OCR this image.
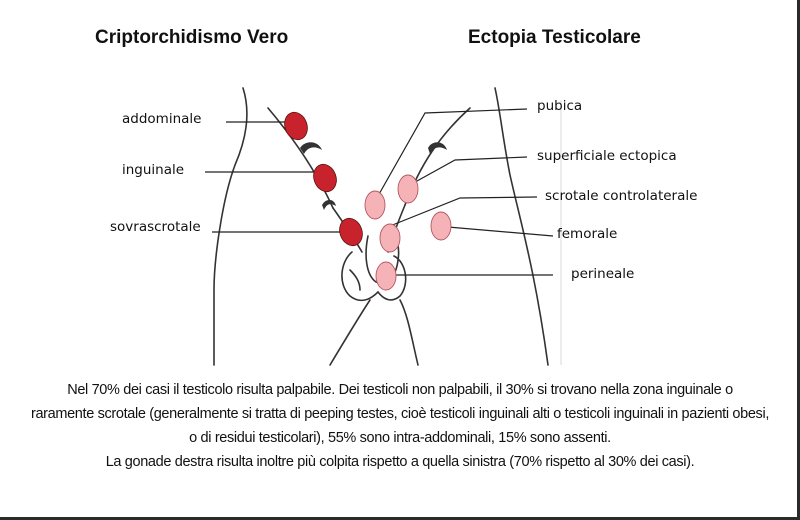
Criptorchidismo Vero	Ectopia Testicolare
addominale
inguinale
sovrascrotale
pubica
superficiale ectopica
scrotale controlaterale
femorale
perineale
Nel 70% dei casi il testicolo risulta palpabile. Dei testicoli non palpabili, il 30% si trovano nella zona inguinale o
raramente scrotale (generalmente si tratta di peeping testes, cioè testicoli inguinali alti o testicoli inguinali in pazienti obesi,
o di residui testicolari), 55% sono intra-addominali, 15% sono assenti.
La gonade destra risulta inoltre più colpita rispetto a quella sinistra (70% rispetto al 30% dei casi).
